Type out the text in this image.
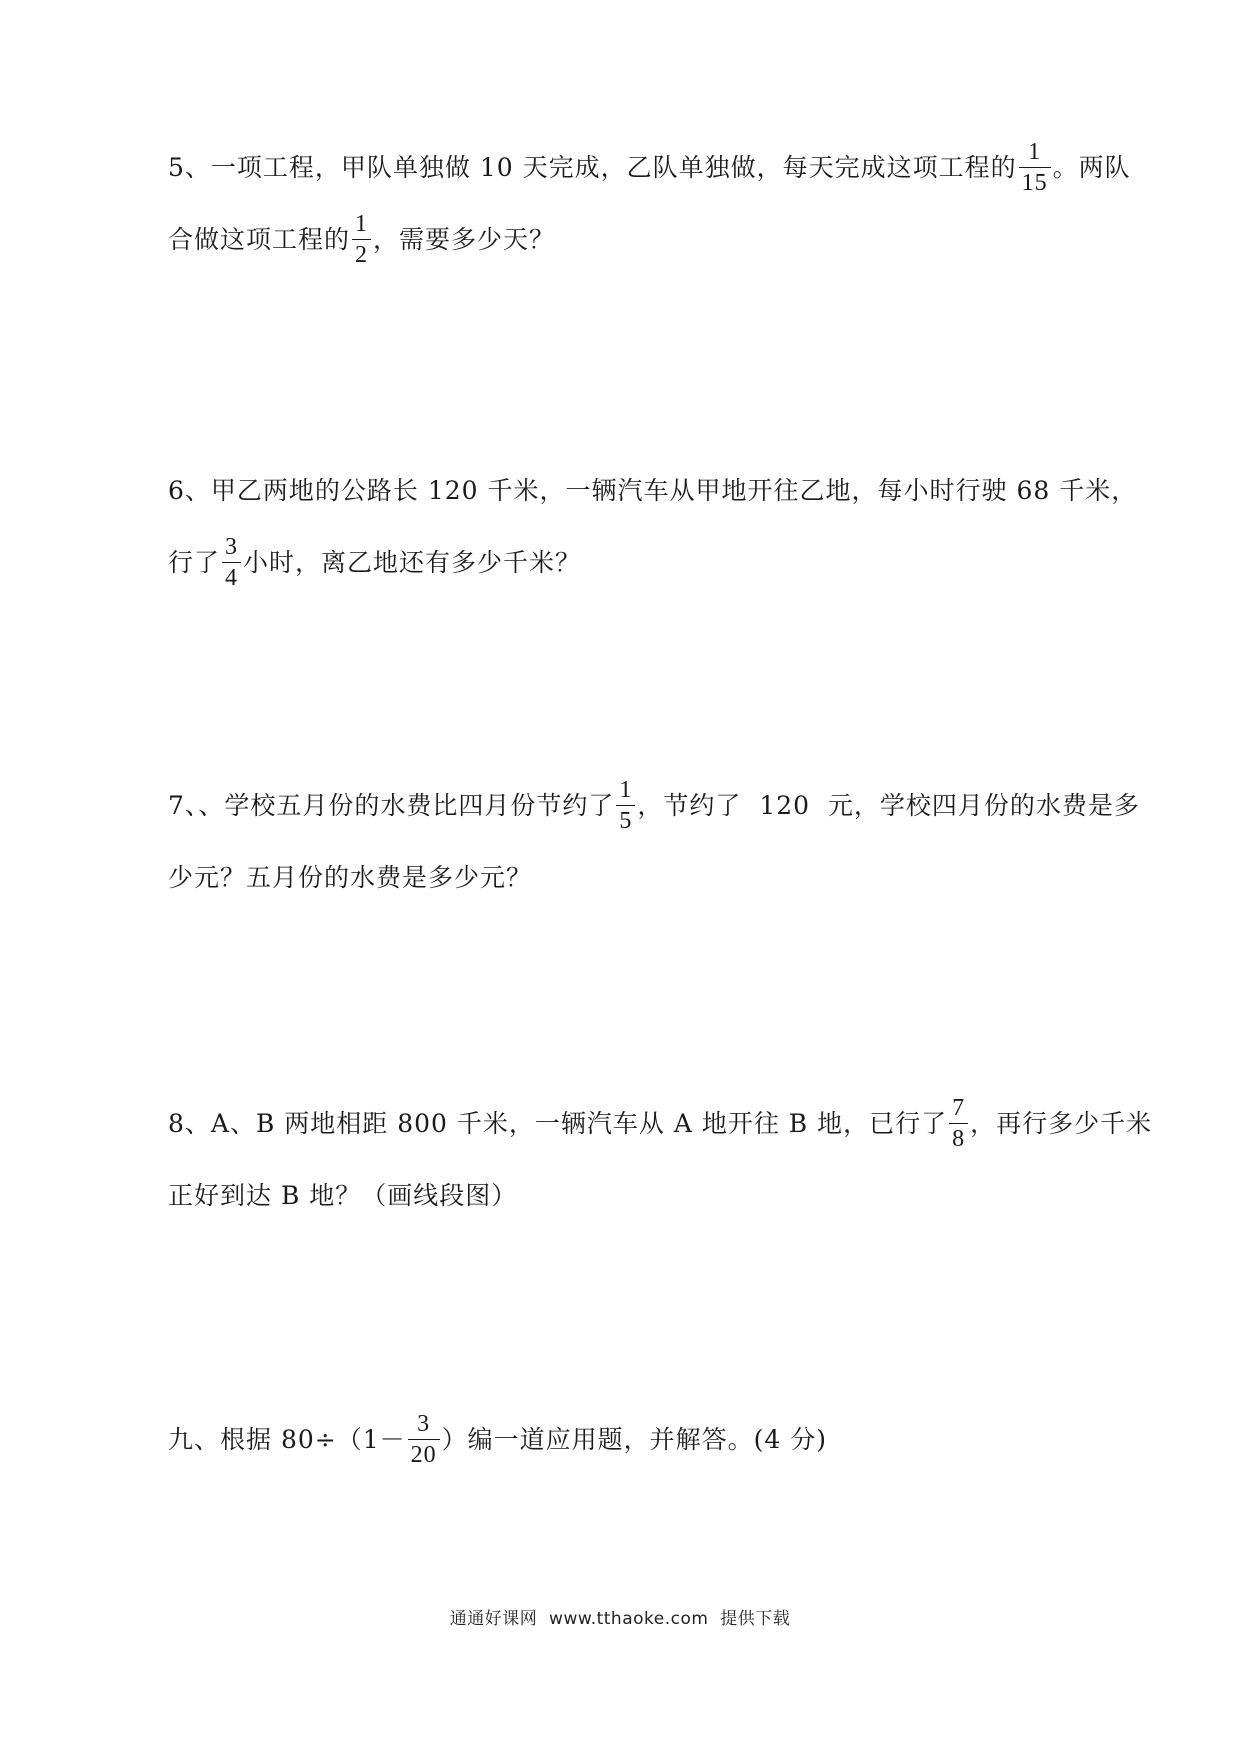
5、一项工程，甲队单独做 10 天完成，乙队单独做，每天完成这项工程的 $\frac{1}{15}$ 。两队
合做这项工程的 $\frac{1}{2}$ ，需要多少天？
6、甲乙两地的公路长 120 千米，一辆汽车从甲地开往乙地，每小时行驶 68 千米，
行了 $\frac{3}{4}$ 小时，离乙地还有多少千米？
7、、学校五月份的水费比四月份节约了 $\frac{1}{5}$ ，节约了  120  元，学校四月份的水费是多
少元？五月份的水费是多少元？
8、A、B 两地相距 800 千米，一辆汽车从 A 地开往 B 地，已行了 $\frac{7}{8}$ ，再行多少千米
正好到达 B 地？（画线段图）
九、根据 $80\div(1- \frac{3}{20}$ ）编一道应用题，并解答。(4 分)
通通好课网  www.tthaoke.com  提供下载
